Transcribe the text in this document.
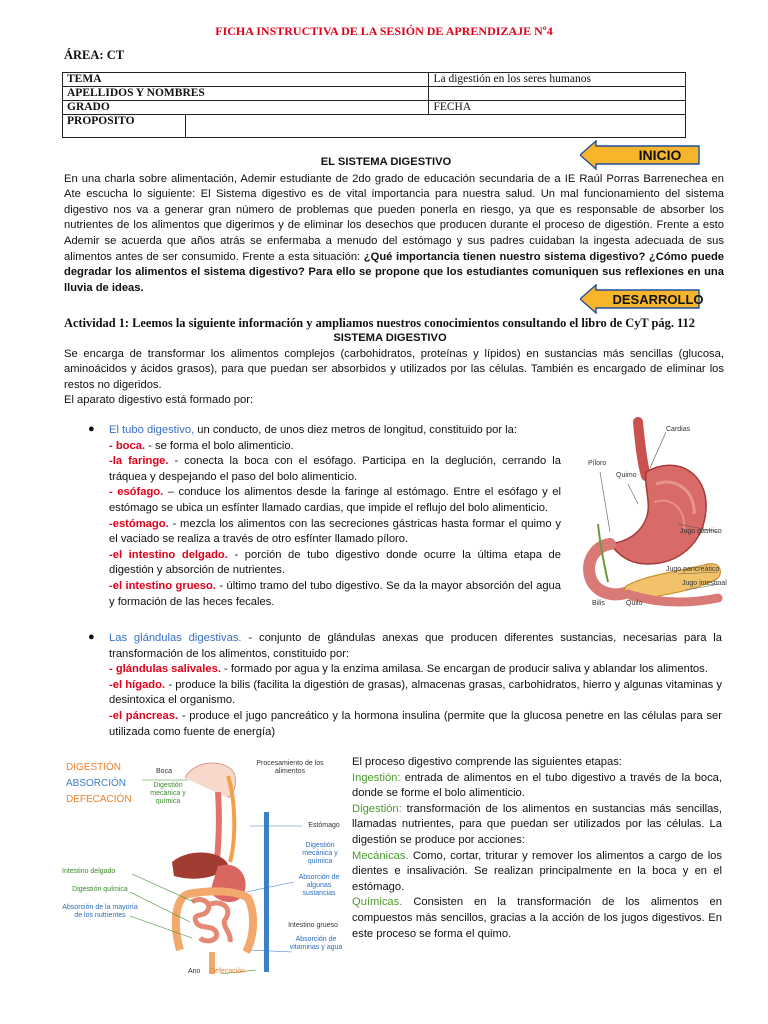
FICHA INSTRUCTIVA DE LA SESIÓN DE APRENDIZAJE Nº4
ÁREA: CT
TEMA		La digestión en los seres humanos
APELLIDOS Y NOMBRES		
GRADO		FECHA
PROPOSITO		
INICIO
EL SISTEMA DIGESTIVO

En una charla sobre alimentación, Ademir estudiante de 2do grado de educación secundaria de a IE Raúl Porras Barrenechea en Ate escucha lo siguiente: El Sistema digestivo es de vital importancia para nuestra salud. Un mal funcionamiento del sistema digestivo nos va a generar gran número de problemas que pueden ponerla en riesgo, ya que es responsable de absorber los nutrientes de los alimentos que digerimos y de eliminar los desechos que producen durante el proceso de digestión. Frente a esto Ademir se acuerda que años atrás se enfermaba a menudo del estómago y sus padres cuidaban la ingesta adecuada de sus alimentos antes de ser consumido. Frente a esta situación: ¿Qué importancia tienen nuestro sistema digestivo? ¿Cómo puede degradar los alimentos el sistema digestivo? Para ello se propone que los estudiantes comuniquen sus reflexiones en una lluvia de ideas.

DESARROLLO
Actividad 1: Leemos la siguiente información y ampliamos nuestros conocimientos consultando el libro de CyT pág. 112
SISTEMA DIGESTIVO

Se encarga de transformar los alimentos complejos (carbohidratos, proteínas y lípidos) en sustancias más sencillas (glucosa, aminoácidos y ácidos grasos), para que puedan ser absorbidos y utilizados por las células. También es encargado de eliminar los restos no digeridos.

El aparato digestivo está formado por:

● El tubo digestivo, un conducto, de unos diez metros de longitud, constituido por la:

- boca. - se forma el bolo alimenticio.

-la faringe. - conecta la boca con el esófago. Participa en la deglución, cerrando la tráquea y despejando el paso del bolo alimenticio.

- esófago. – conduce los alimentos desde la faringe al estómago. Entre el esófago y el estómago se ubica un esfínter llamado cardias, que impide el reflujo del bolo alimenticio.

-estómago. - mezcla los alimentos con las secreciones gástricas hasta formar el quimo y el vaciado se realiza a través de otro esfínter llamado píloro.

-el intestino delgado. - porción de tubo digestivo donde ocurre la última etapa de digestión y absorción de nutrientes.

-el intestino grueso. - último tramo del tubo digestivo. Se da la mayor absorción del agua y formación de las heces fecales.

Cardias
Quimo
Píloro
Jugo gástrico
Jugo pancreático
Jugo intestinal
Bilis	Quilo
● Las glándulas digestivas. - conjunto de glándulas anexas que producen diferentes sustancias, necesarias para la transformación de los alimentos, constituido por:

- glándulas salivales. - formado por agua y la enzima amilasa. Se encargan de producir saliva y ablandar los alimentos.

-el hígado. - produce la bilis (facilita la digestión de grasas), almacenas grasas, carbohidratos, hierro y algunas vitaminas y desintoxica el organismo.

-el páncreas. - produce el jugo pancreático y la hormona insulina (permite que la glucosa penetre en las células para ser utilizada como fuente de energía)

DIGESTIÓN
ABSORCIÓN
DEFECACIÓN
Boca
Digestión mecánica y química
Procesamiento de los alimentos
Estómago
Digestión mecánica y química
Intestino delgado
Absorción de algunas sustancias
Digestión química
Absorción de la mayoría de los nutrientes
Intestino grueso
Absorción de vitaminas y agua
Ano Defecación

El proceso digestivo comprende las siguientes etapas:

Ingestión: entrada de alimentos en el tubo digestivo a través de la boca, donde se forme el bolo alimenticio.

Digestión: transformación de los alimentos en sustancias más sencillas, llamadas nutrientes, para que puedan ser utilizados por las células. La digestión se produce por acciones:

Mecánicas. Como, cortar, triturar y remover los alimentos a cargo de los dientes e insalivación. Se realizan principalmente en la boca y en el estómago.

Químicas. Consisten en la transformación de los alimentos en compuestos más sencillos, gracias a la acción de los jugos digestivos. En este proceso se forma el quimo.
